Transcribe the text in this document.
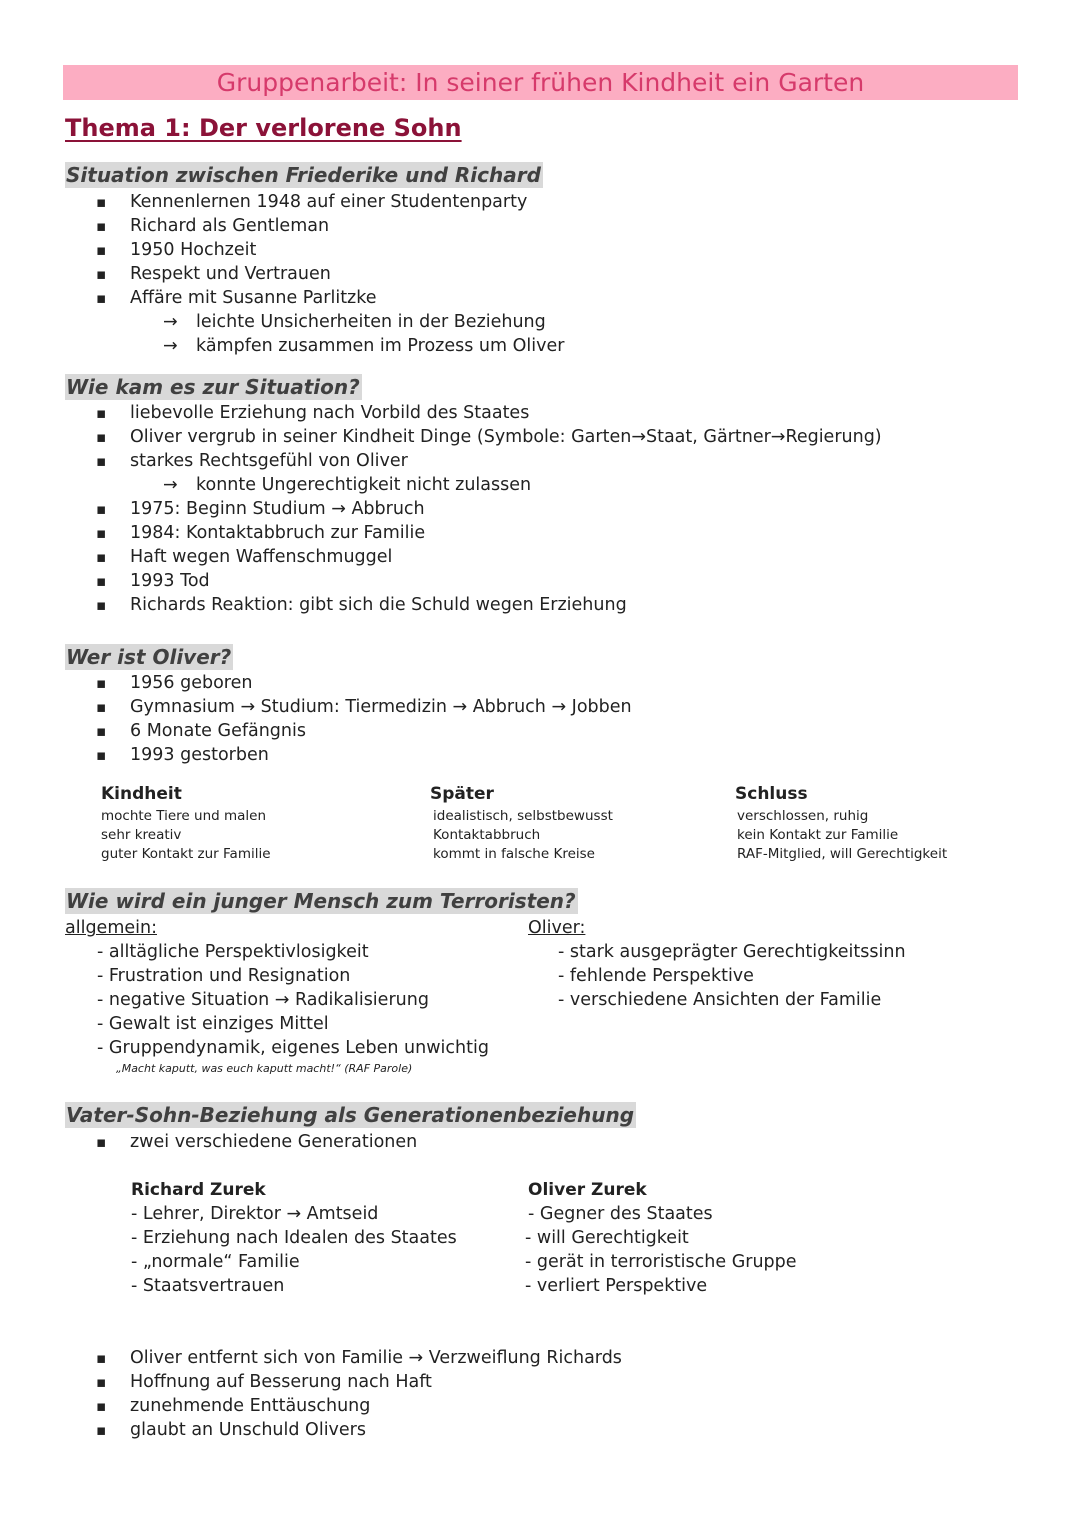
Gruppenarbeit: In seiner frühen Kindheit ein Garten
Thema 1: Der verlorene Sohn
Situation zwischen Friederike und Richard
▪ Kennenlernen 1948 auf einer Studentenparty
▪ Richard als Gentleman
▪ 1950 Hochzeit
▪ Respekt und Vertrauen
▪ Affäre mit Susanne Parlitzke
→ leichte Unsicherheiten in der Beziehung
→ kämpfen zusammen im Prozess um Oliver
Wie kam es zur Situation?
▪ liebevolle Erziehung nach Vorbild des Staates
▪ Oliver vergrub in seiner Kindheit Dinge (Symbole: Garten→Staat, Gärtner→Regierung)
▪ starkes Rechtsgefühl von Oliver
→ konnte Ungerechtigkeit nicht zulassen
▪ 1975: Beginn Studium → Abbruch
▪ 1984: Kontaktabbruch zur Familie
▪ Haft wegen Waffenschmuggel
▪ 1993 Tod
▪ Richards Reaktion: gibt sich die Schuld wegen Erziehung
Wer ist Oliver?
▪ 1956 geboren
▪ Gymnasium → Studium: Tiermedizin → Abbruch → Jobben
▪ 6 Monate Gefängnis
▪ 1993 gestorben
Kindheit
mochte Tiere und malen
sehr kreativ
guter Kontakt zur Familie
Später
idealistisch, selbstbewusst
Kontaktabbruch
kommt in falsche Kreise
Schluss
verschlossen, ruhig
kein Kontakt zur Familie
RAF-Mitglied, will Gerechtigkeit
Wie wird ein junger Mensch zum Terroristen?
allgemein:
- alltägliche Perspektivlosigkeit
- Frustration und Resignation
- negative Situation → Radikalisierung
- Gewalt ist einziges Mittel
- Gruppendynamik, eigenes Leben unwichtig
„Macht kaputt, was euch kaputt macht!“ (RAF Parole)
Oliver:
- stark ausgeprägter Gerechtigkeitssinn
- fehlende Perspektive
- verschiedene Ansichten der Familie
Vater-Sohn-Beziehung als Generationenbeziehung
▪ zwei verschiedene Generationen
Richard Zurek
- Lehrer, Direktor → Amtseid
- Erziehung nach Idealen des Staates
- „normale“ Familie
- Staatsvertrauen
Oliver Zurek
- Gegner des Staates
- will Gerechtigkeit
- gerät in terroristische Gruppe
- verliert Perspektive
▪ Oliver entfernt sich von Familie → Verzweiflung Richards
▪ Hoffnung auf Besserung nach Haft
▪ zunehmende Enttäuschung
▪ glaubt an Unschuld Olivers
